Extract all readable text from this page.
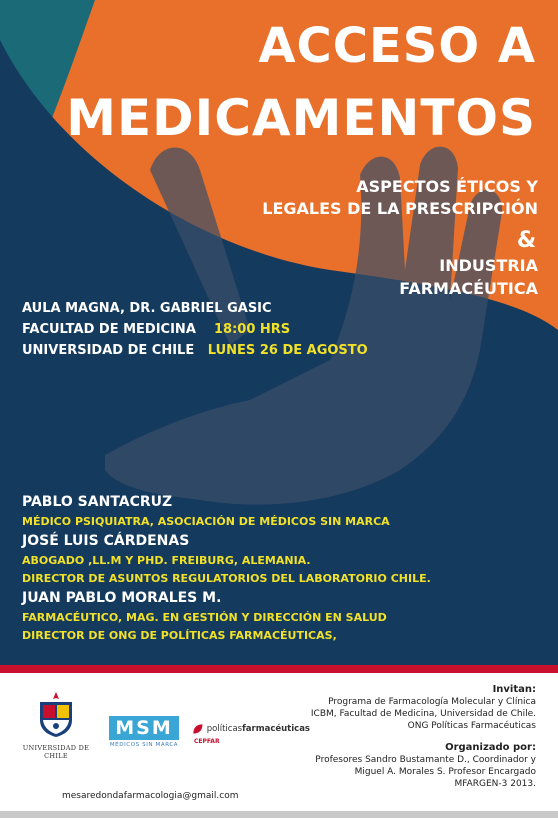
ACCESO A
MEDICAMENTOS
ASPECTOS ÉTICOS Y
LEGALES DE LA PRESCRIPCIÓN
&
INDUSTRIA
FARMACÉUTICA
AULA MAGNA, DR. GABRIEL GASIC
FACULTAD DE MEDICINA 18:00 HRS
UNIVERSIDAD DE CHILE LUNES 26 DE AGOSTO
PABLO SANTACRUZ
MÉDICO PSIQUIATRA, ASOCIACIÓN DE MÉDICOS SIN MARCA
JOSÉ LUIS CÁRDENAS
ABOGADO ,LL.M Y PHD. FREIBURG, ALEMANIA.
DIRECTOR DE ASUNTOS REGULATORIOS DEL LABORATORIO CHILE.
JUAN PABLO MORALES M.
FARMACÉUTICO, MAG. EN GESTIÓN Y DIRECCIÓN EN SALUD
DIRECTOR DE ONG DE POLÍTICAS FARMACÉUTICAS,
UNIVERSIDAD DE CHILE
MSM
MÉDICOS SIN MARCA
políticasfarmacéuticas
CEPFAR
Invitan:
Programa de Farmacología Molecular y Clínica
ICBM, Facultad de Medicina, Universidad de Chile.
ONG Políticas Farmacéuticas
Organizado por:
Profesores Sandro Bustamante D., Coordinador y
Miguel A. Morales S. Profesor Encargado
MFARGEN-3 2013.
mesaredondafarmacologia@gmail.com
